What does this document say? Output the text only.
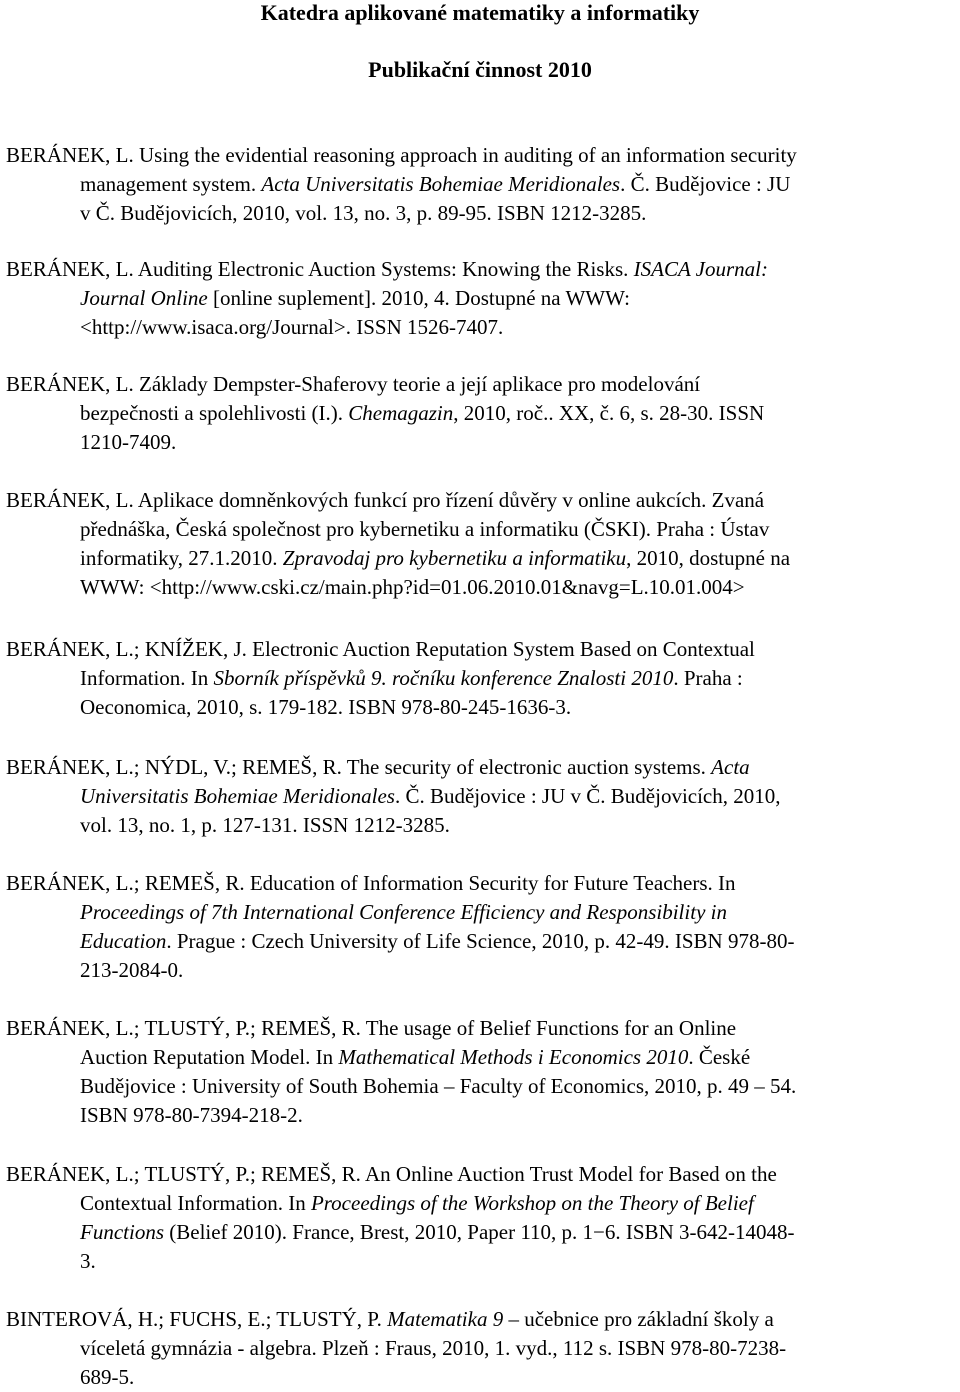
Katedra aplikované matematiky a informatiky

Publikační činnost 2010

BERÁNEK, L. Using the evidential reasoning approach in auditing of an information security
management system. Acta Universitatis Bohemiae Meridionales. Č. Budějovice : JU
v Č. Budějovicích, 2010, vol. 13, no. 3, p. 89-95. ISBN 1212-3285.

BERÁNEK, L. Auditing Electronic Auction Systems: Knowing the Risks. ISACA Journal:
Journal Online [online suplement]. 2010, 4. Dostupné na WWW:
<http://www.isaca.org/Journal>. ISSN 1526-7407.

BERÁNEK, L. Základy Dempster-Shaferovy teorie a její aplikace pro modelování
bezpečnosti a spolehlivosti (I.). Chemagazin, 2010, roč.. XX, č. 6, s. 28-30. ISSN
1210-7409.

BERÁNEK, L. Aplikace domněnkových funkcí pro řízení důvěry v online aukcích. Zvaná
přednáška, Česká společnost pro kybernetiku a informatiku (ČSKI). Praha : Ústav
informatiky, 27.1.2010. Zpravodaj pro kybernetiku a informatiku, 2010, dostupné na
WWW: <http://www.cski.cz/main.php?id=01.06.2010.01&navg=L.10.01.004>

BERÁNEK, L.; KNÍŽEK, J. Electronic Auction Reputation System Based on Contextual
Information. In Sborník příspěvků 9. ročníku konference Znalosti 2010. Praha :
Oeconomica, 2010, s. 179-182. ISBN 978-80-245-1636-3.

BERÁNEK, L.; NÝDL, V.; REMEŠ, R. The security of electronic auction systems. Acta
Universitatis Bohemiae Meridionales. Č. Budějovice : JU v Č. Budějovicích, 2010,
vol. 13, no. 1, p. 127-131. ISSN 1212-3285.

BERÁNEK, L.; REMEŠ, R. Education of Information Security for Future Teachers. In
Proceedings of 7th International Conference Efficiency and Responsibility in
Education. Prague : Czech University of Life Science, 2010, p. 42-49. ISBN 978-80-
213-2084-0.

BERÁNEK, L.; TLUSTÝ, P.; REMEŠ, R. The usage of Belief Functions for an Online
Auction Reputation Model. In Mathematical Methods i Economics 2010. České
Budějovice : University of South Bohemia – Faculty of Economics, 2010, p. 49 – 54.
ISBN 978-80-7394-218-2.

BERÁNEK, L.; TLUSTÝ, P.; REMEŠ, R. An Online Auction Trust Model for Based on the
Contextual Information. In Proceedings of the Workshop on the Theory of Belief
Functions (Belief 2010). France, Brest, 2010, Paper 110, p. 1−6. ISBN 3-642-14048-
3.

BINTEROVÁ, H.; FUCHS, E.; TLUSTÝ, P. Matematika 9 – učebnice pro základní školy a
víceletá gymnázia - algebra. Plzeň : Fraus, 2010, 1. vyd., 112 s. ISBN 978-80-7238-
689-5.
